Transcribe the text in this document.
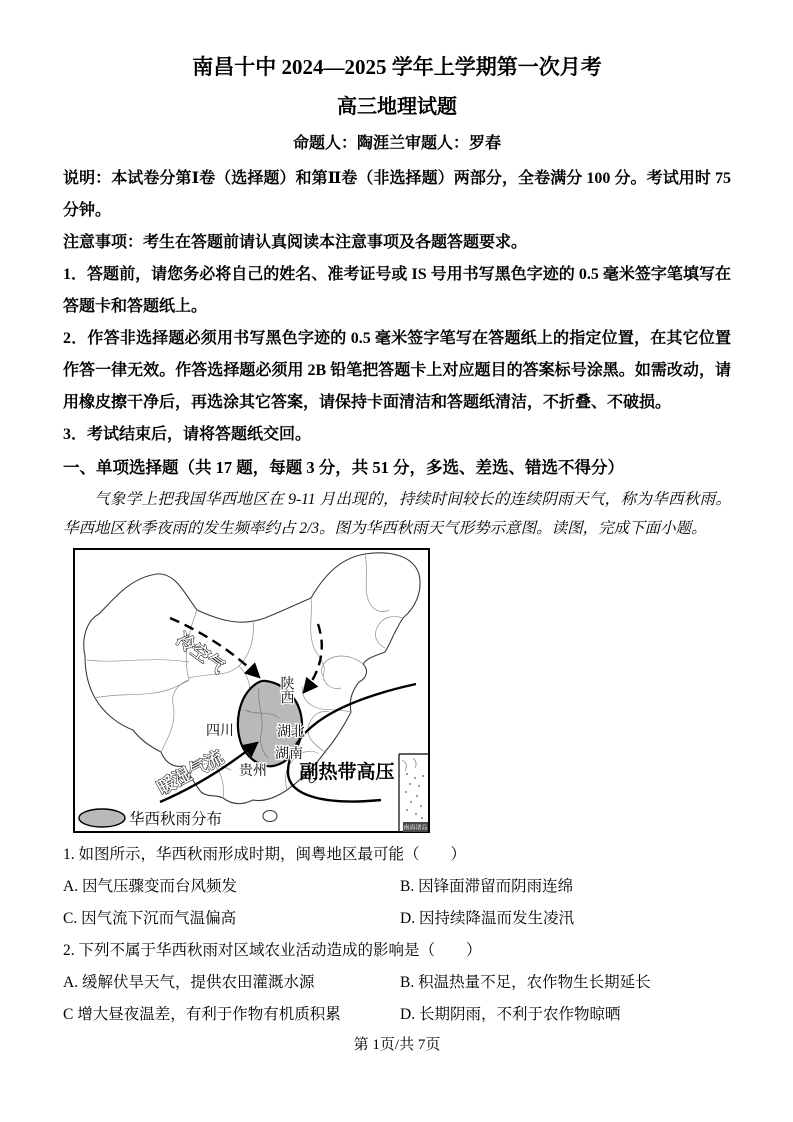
南昌十中 2024—2025 学年上学期第一次月考
高三地理试题
命题人：陶涯兰审题人：罗春

说明：本试卷分第Ⅰ卷（选择题）和第Ⅱ卷（非选择题）两部分，全卷满分 100 分。考试用时 75 分钟。

注意事项：考生在答题前请认真阅读本注意事项及各题答题要求。

1．答题前，请您务必将自己的姓名、准考证号或 IS 号用书写黑色字迹的 0.5 毫米签字笔填写在答题卡和答题纸上。

2．作答非选择题必须用书写黑色字迹的 0.5 毫米签字笔写在答题纸上的指定位置，在其它位置作答一律无效。作答选择题必须用 2B 铅笔把答题卡上对应题目的答案标号涂黑。如需改动，请用橡皮擦干净后，再选涂其它答案，请保持卡面清洁和答题纸清洁，不折叠、不破损。

3．考试结束后，请将答题纸交回。

一、单项选择题（共 17 题，每题 3 分，共 51 分，多选、差选、错选不得分）

气象学上把我国华西地区在 9-11 月出现的，持续时间较长的连续阴雨天气，称为华西秋雨。华西地区秋季夜雨的发生频率约占 2/3。图为华西秋雨天气形势示意图。读图，完成下面小题。

冷空气
暖湿气流	副热带高压
陕西
四川	湖北
湖南
贵州
华西秋雨分布
南海诸岛

1. 如图所示，华西秋雨形成时期，闽粤地区最可能（　　）

A. 因气压骤变而台风频发	B. 因锋面滞留而阴雨连绵
C. 因气流下沉而气温偏高	D. 因持续降温而发生凌汛

2. 下列不属于华西秋雨对区域农业活动造成的影响是（　　）

A. 缓解伏旱天气，提供农田灌溉水源	B. 积温热量不足，农作物生长期延长
C 增大昼夜温差，有利于作物有机质积累	D. 长期阴雨，不利于农作物晾晒
第 1页/共 7页
